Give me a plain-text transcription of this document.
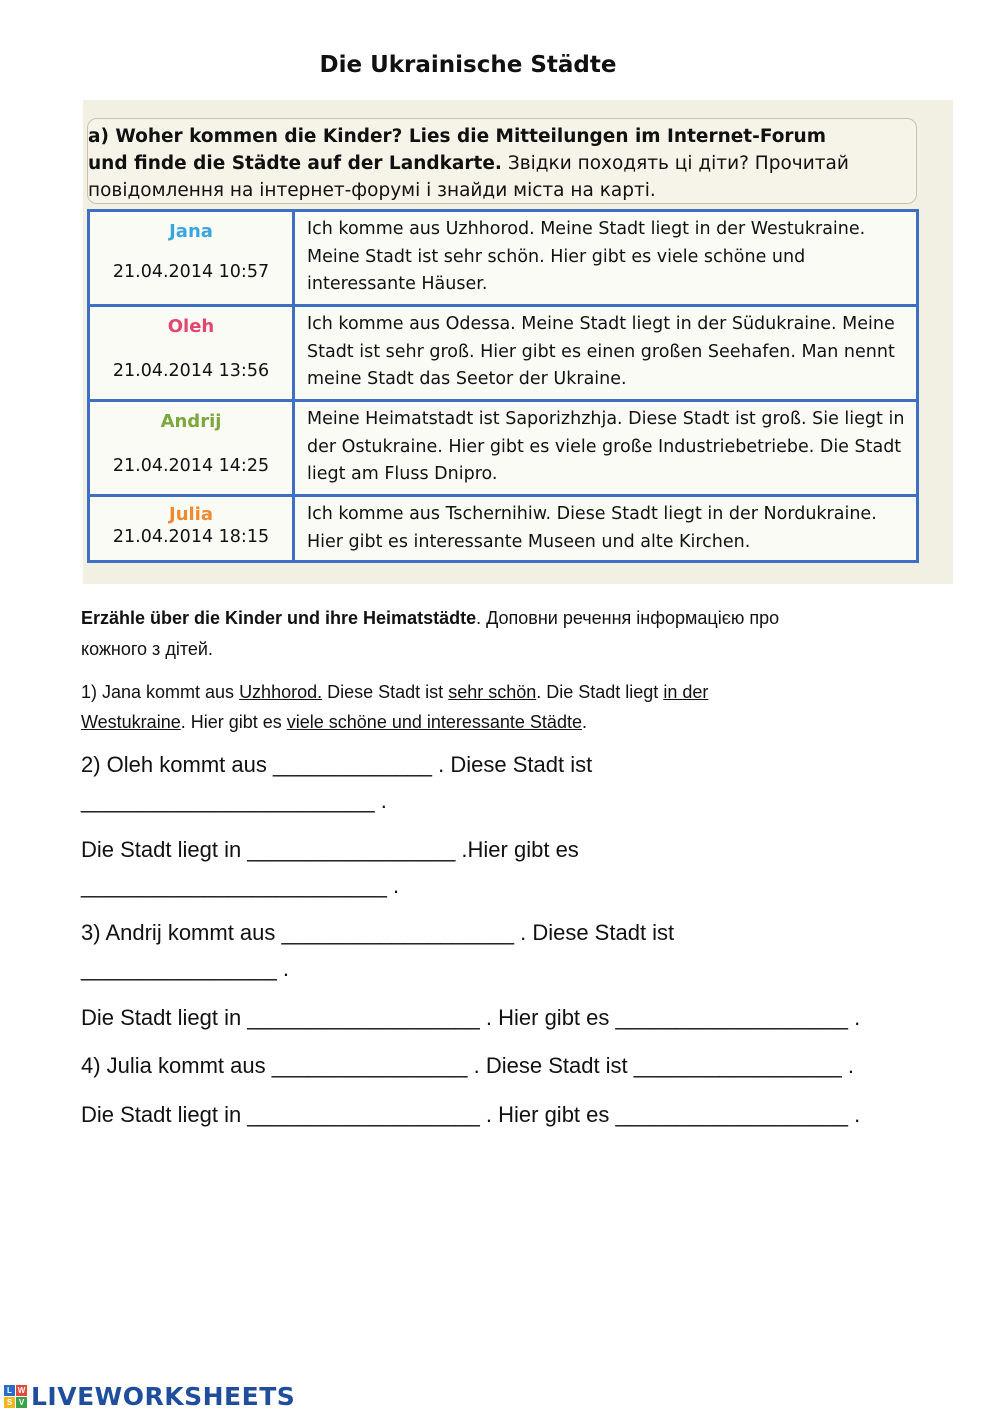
Die Ukrainische Städte
a) Woher kommen die Kinder? Lies die Mitteilungen im Internet-Forum
und finde die Städte auf der Landkarte. Звідки походять ці діти? Прочитай
повідомлення на інтернет-форумі і знайди міста на карті.
Jana
21.04.2014 10:57	Ich komme aus Uzhhorod. Meine Stadt liegt in der Westukraine. Meine Stadt ist sehr schön. Hier gibt es viele schöne und interessante Häuser.

Oleh
21.04.2014 13:56	Ich komme aus Odessa. Meine Stadt liegt in der Südukraine. Meine Stadt ist sehr groß. Hier gibt es einen großen Seehafen. Man nennt meine Stadt das Seetor der Ukraine.

Andrij
21.04.2014 14:25	Meine Heimatstadt ist Saporizhzhja. Diese Stadt ist groß. Sie liegt in der Ostukraine. Hier gibt es viele große Industriebetriebe. Die Stadt liegt am Fluss Dnipro.

Julia
21.04.2014 18:15	Ich komme aus Tschernihiw. Diese Stadt liegt in der Nordukraine. Hier gibt es interessante Museen und alte Kirchen.
Erzähle über die Kinder und ihre Heimatstädte. Доповни речення інформацією про
кожного з дітей.
1) Jana kommt aus Uzhhorod. Diese Stadt ist sehr schön. Die Stadt liegt in der
Westukraine. Hier gibt es viele schöne und interessante Städte.
2) Oleh kommt aus _____________ . Diese Stadt ist
________________________ .
Die Stadt liegt in _________________ .Hier gibt es
_________________________ .
3) Andrij kommt aus ___________________ . Diese Stadt ist
________________ .
Die Stadt liegt in ___________________ . Hier gibt es ___________________ .
4) Julia kommt aus ________________ . Diese Stadt ist _________________ .
Die Stadt liegt in ___________________ . Hier gibt es ___________________ .
L W
S V LIVEWORKSHEETS
